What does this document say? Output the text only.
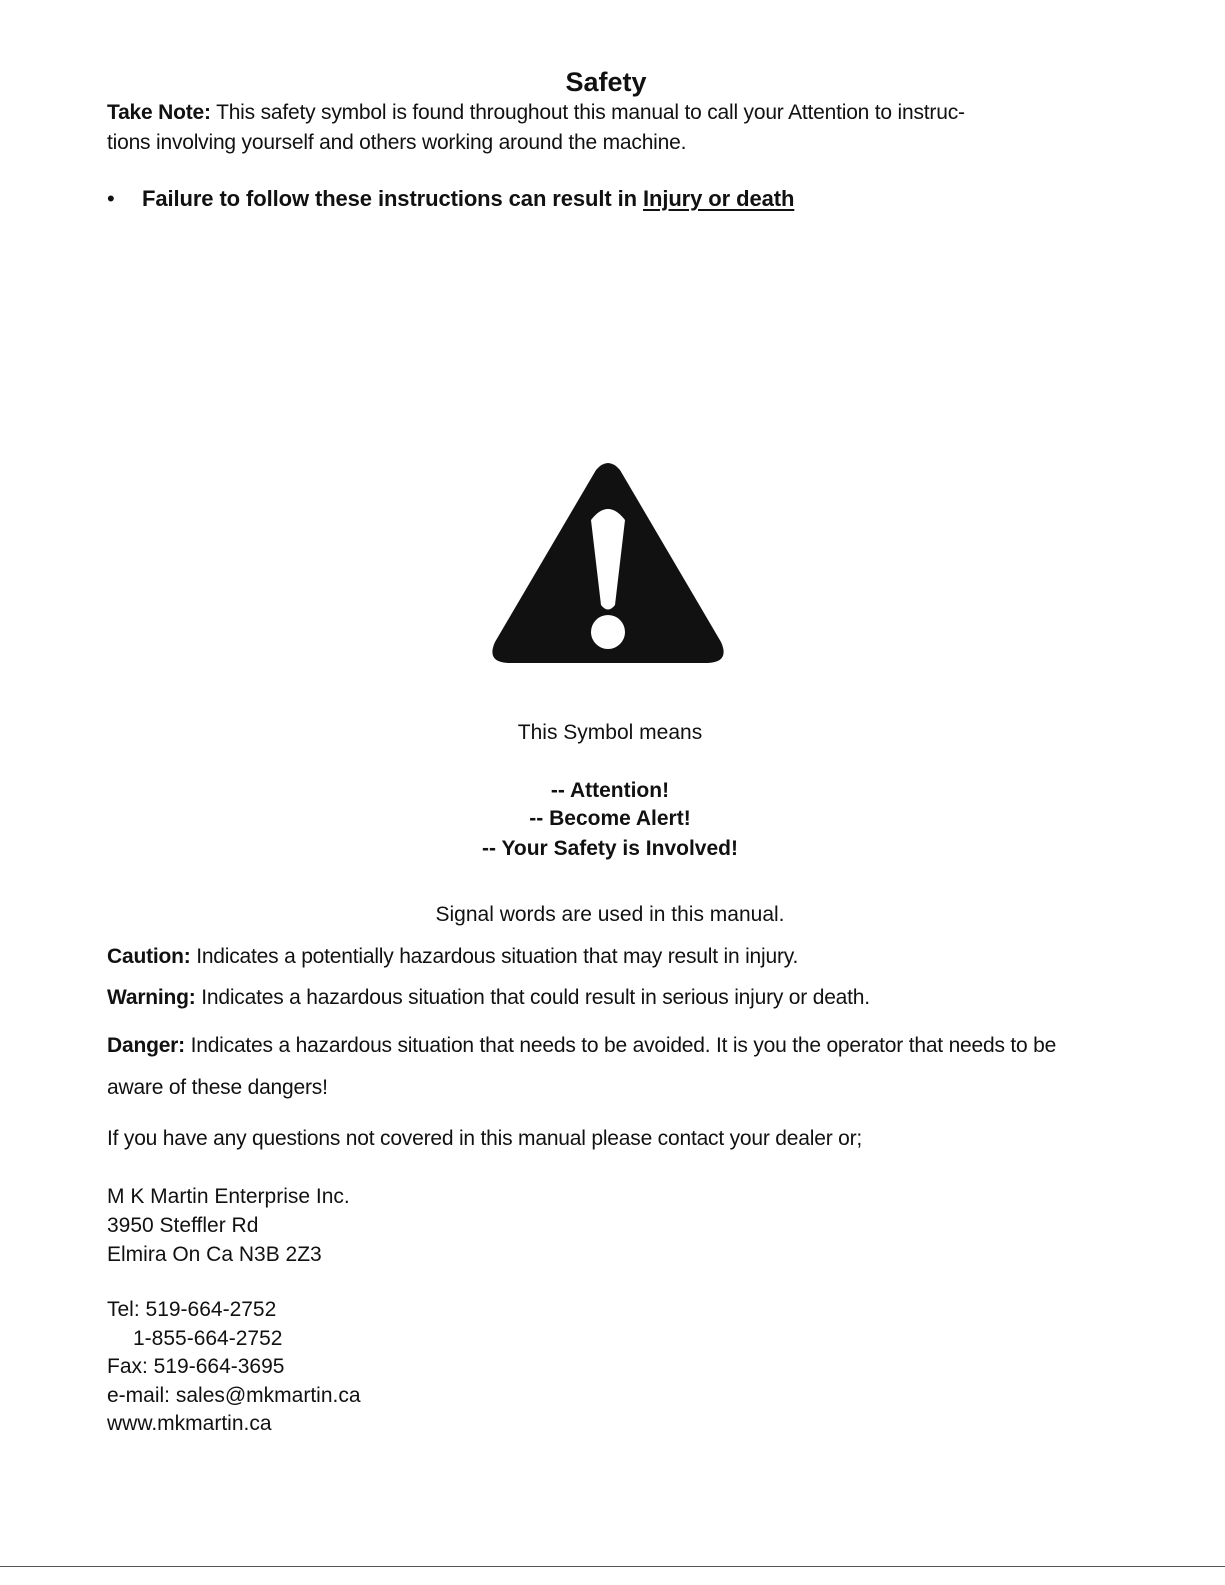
Safety
Take Note: This safety symbol is found throughout this manual to call your Attention to instruc-
tions involving yourself and others working around the machine.
• Failure to follow these instructions can result in Injury or death
This Symbol means
-- Attention!
-- Become Alert!
-- Your Safety is Involved!
Signal words are used in this manual.
Caution: Indicates a potentially hazardous situation that may result in injury.
Warning: Indicates a hazardous situation that could result in serious injury or death.
Danger: Indicates a hazardous situation that needs to be avoided. It is you the operator that needs to be aware of these dangers!
If you have any questions not covered in this manual please contact your dealer or;
M K Martin Enterprise Inc.
3950 Steffler Rd
Elmira On Ca N3B 2Z3
Tel: 519-664-2752
1-855-664-2752
Fax: 519-664-3695
e-mail: sales@mkmartin.ca
www.mkmartin.ca
